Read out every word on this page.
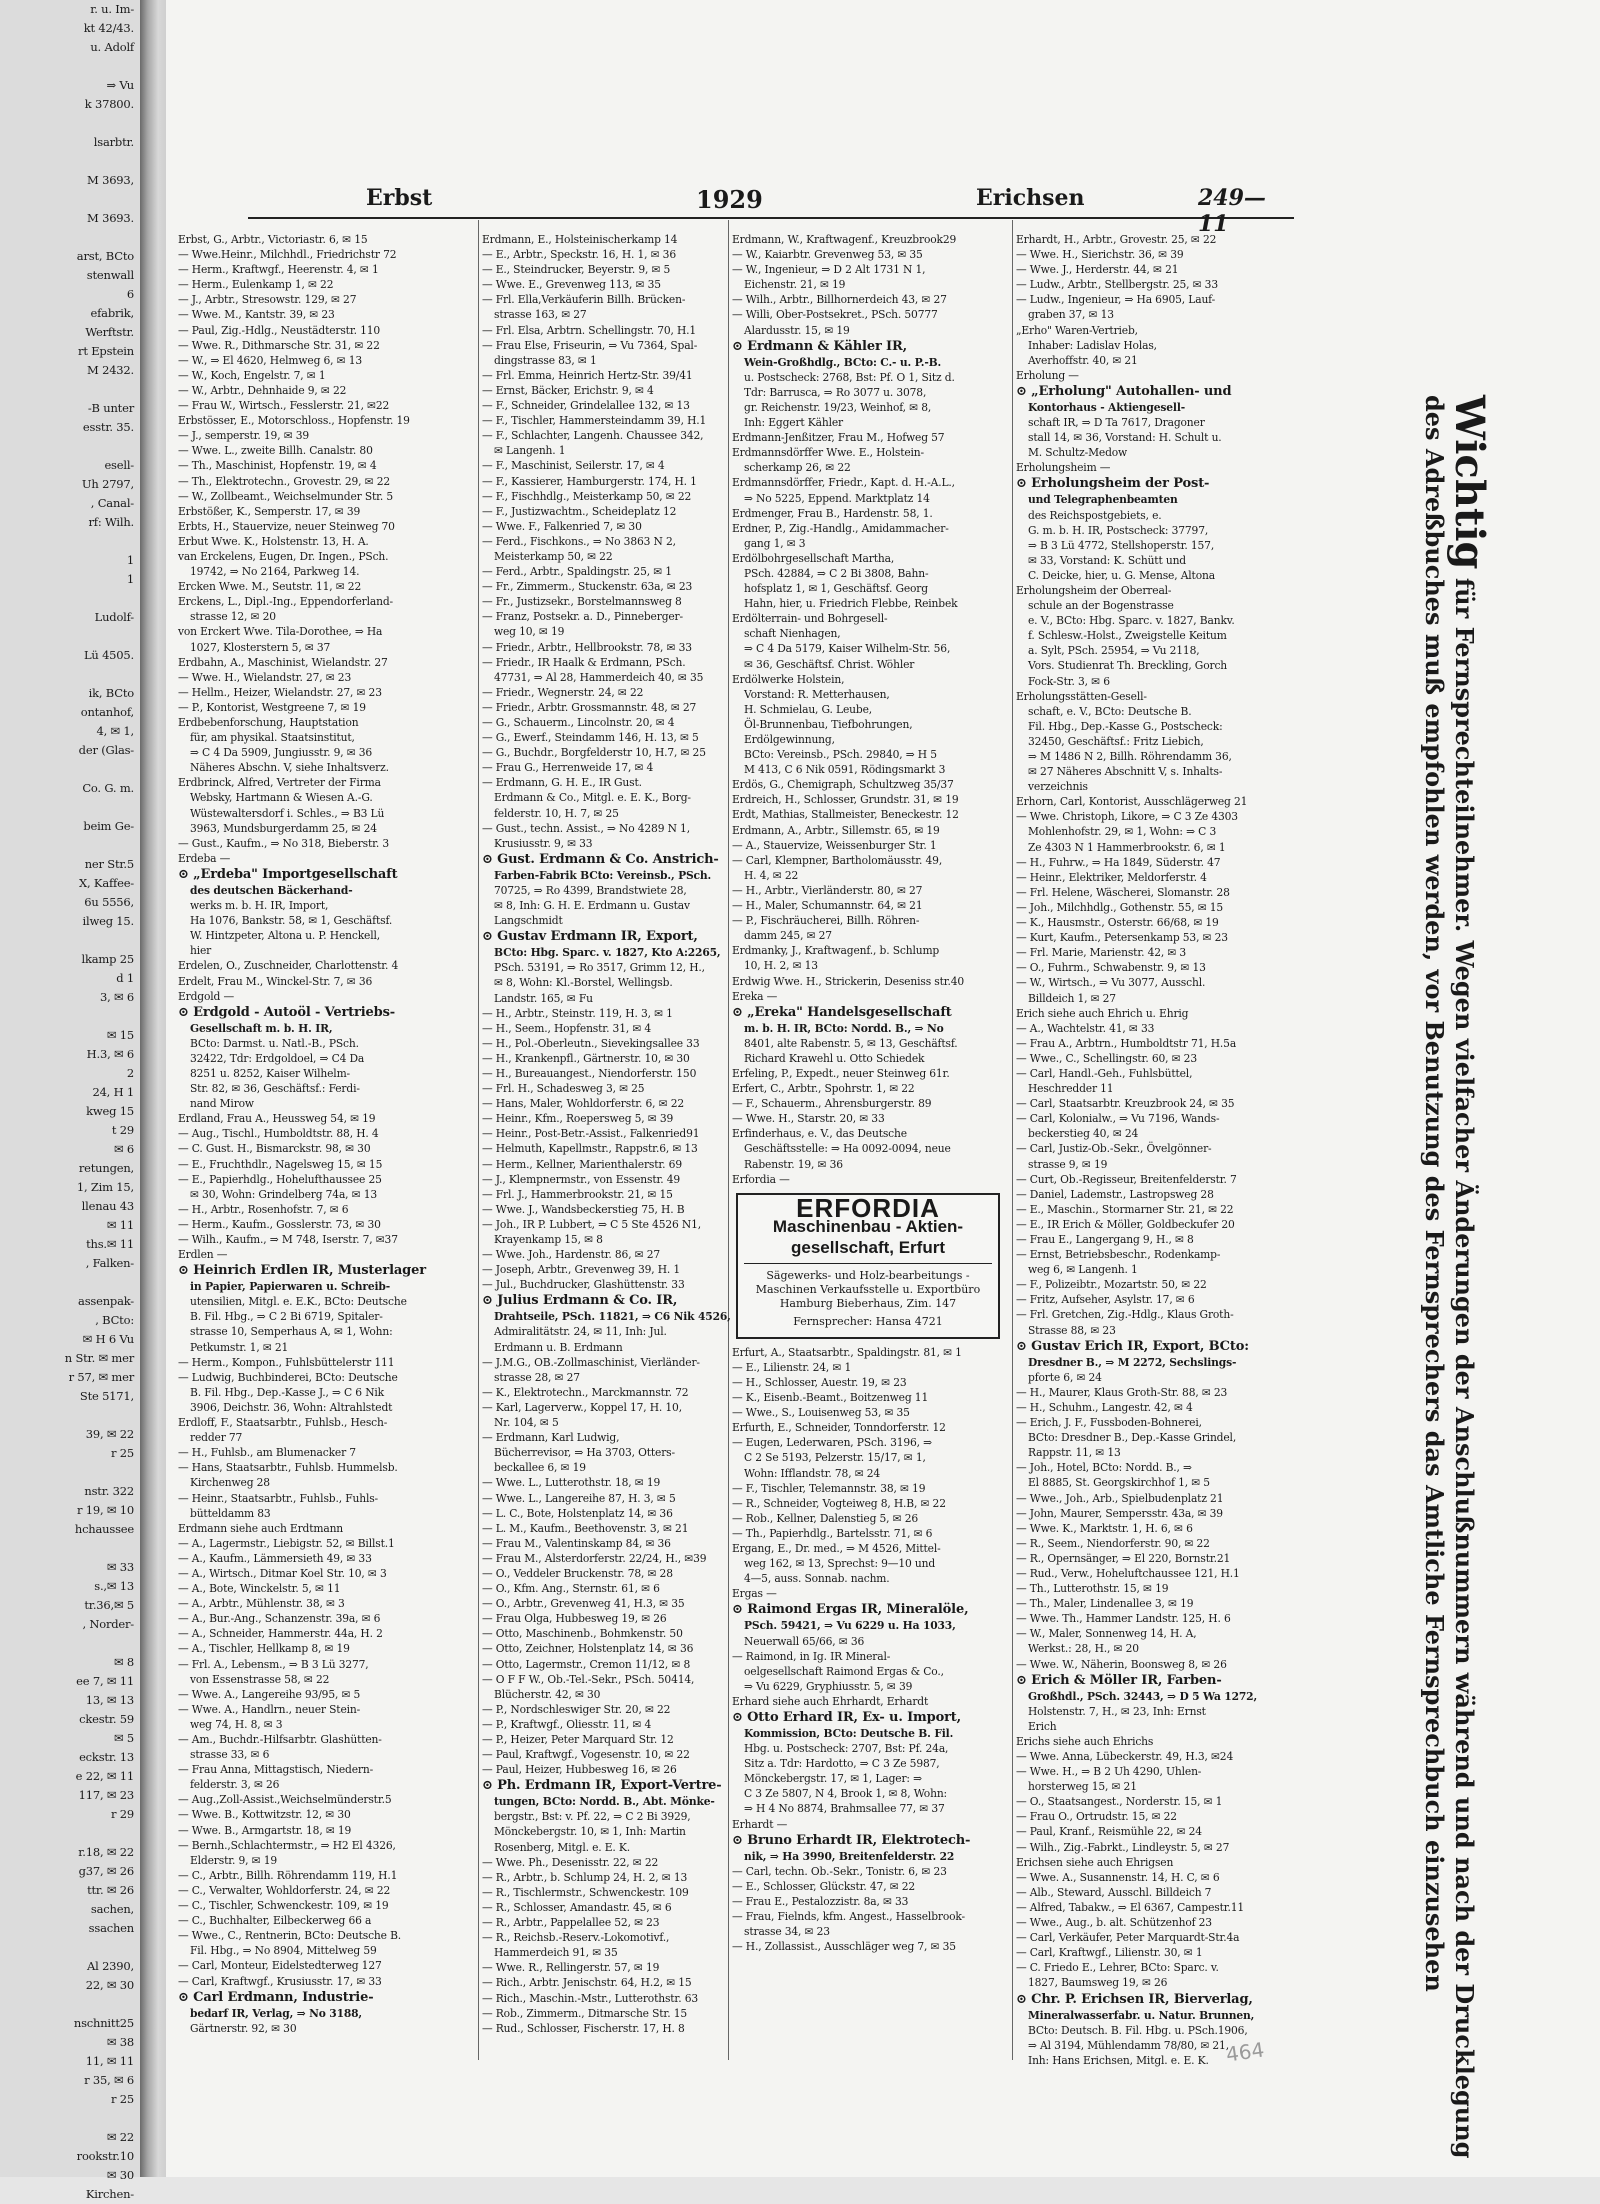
r. u. Im-
kt 42/43.
u. Adolf

⇒ Vu
k 37800.

lsarbtr.

M 3693,

M 3693.

arst, BCto
stenwall
6
efabrik,
Werftstr.
rt Epstein
M 2432.

-B unter
esstr. 35.

esell-
Uh 2797,
, Canal-
rf: Wilh.

1
1

Ludolf-

Lü 4505.

ik, BCto
ontanhof,
4, ✉ 1,
der (Glas-

Co. G. m.

beim Ge-

ner Str.5
X, Kaffee-
6u 5556,
ilweg 15.

lkamp 25
d 1
3, ✉ 6

✉ 15
H.3, ✉ 6
2
24, H 1
kweg 15
t 29
✉ 6
retungen,
1, Zim 15,
llenau 43
✉ 11
ths.✉ 11
, Falken-

assenpak-
, BCto:
✉ H 6 Vu
n Str. ✉ mer
r 57, ✉ mer
Ste 5171,

39, ✉ 22
r 25

nstr. 322
r 19, ✉ 10
hchaussee

✉ 33
s.,✉ 13
tr.36,✉ 5
, Norder-

✉ 8
ee 7, ✉ 11
13, ✉ 13
ckestr. 59
✉ 5
eckstr. 13
e 22, ✉ 11
117, ✉ 23
r 29

r.18, ✉ 22
g37, ✉ 26
ttr. ✉ 26
sachen,
ssachen

Al 2390,
22, ✉ 30

nschnitt25
✉ 38
11, ✉ 11
r 35, ✉ 6
r 25

✉ 22
rookstr.10
✉ 30
Kirchen-
Erbst	1929	Erichsen	249—11
Erbst, G., Arbtr., Victoriastr. 6, ✉ 15
— Wwe.Heinr., Milchhdl., Friedrichstr 72
— Herm., Kraftwgf., Heerenstr. 4, ✉ 1
— Herm., Eulenkamp 1, ✉ 22
— J., Arbtr., Stresowstr. 129, ✉ 27
— Wwe. M., Kantstr. 39, ✉ 23
— Paul, Zig.-Hdlg., Neustädterstr. 110
— Wwe. R., Dithmarsche Str. 31, ✉ 22
— W., ⇒ El 4620, Helmweg 6, ✉ 13
— W., Koch, Engelstr. 7, ✉ 1
— W., Arbtr., Dehnhaide 9, ✉ 22
— Frau W., Wirtsch., Fesslerstr. 21, ✉22
Erbstösser, E., Motorschloss., Hopfenstr. 19
— J., semperstr. 19, ✉ 39
— Wwe. L., zweite Billh. Canalstr. 80
— Th., Maschinist, Hopfenstr. 19, ✉ 4
— Th., Elektrotechn., Grovestr. 29, ✉ 22
— W., Zollbeamt., Weichselmunder Str. 5
Erbstößer, K., Semperstr. 17, ✉ 39
Erbts, H., Stauervize, neuer Steinweg 70
Erbut Wwe. K., Holstenstr. 13, H. A.
van Erckelens, Eugen, Dr. Ingen., PSch.
19742, ⇒ No 2164, Parkweg 14.
Ercken Wwe. M., Seutstr. 11, ✉ 22
Erckens, L., Dipl.-Ing., Eppendorferland-
strasse 12, ✉ 20
von Erckert Wwe. Tila-Dorothee, ⇒ Ha
1027, Klosterstern 5, ✉ 37
Erdbahn, A., Maschinist, Wielandstr. 27
— Wwe. H., Wielandstr. 27, ✉ 23
— Hellm., Heizer, Wielandstr. 27, ✉ 23
— P., Kontorist, Westgreene 7, ✉ 19
Erdbebenforschung, Hauptstation
für, am physikal. Staatsinstitut,
⇒ C 4 Da 5909, Jungiusstr. 9, ✉ 36
Näheres Abschn. V, siehe Inhaltsverz.
Erdbrinck, Alfred, Vertreter der Firma
Websky, Hartmann & Wiesen A.-G.
Wüstewaltersdorf i. Schles., ⇒ B3 Lü
3963, Mundsburgerdamm 25, ✉ 24
— Gust., Kaufm., ⇒ No 318, Bieberstr. 3
Erdeba —
⊙ „Erdeba" Importgesellschaft
des deutschen Bäckerhand-
werks m. b. H. IR, Import,
Ha 1076, Bankstr. 58, ✉ 1, Geschäftsf.
W. Hintzpeter, Altona u. P. Henckell,
hier
Erdelen, O., Zuschneider, Charlottenstr. 4
Erdelt, Frau M., Winckel-Str. 7, ✉ 36
Erdgold —
⊙ Erdgold - Autoöl - Vertriebs-
Gesellschaft m. b. H. IR,
BCto: Darmst. u. Natl.-B., PSch.
32422, Tdr: Erdgoldoel, ⇒ C4 Da
8251 u. 8252, Kaiser Wilhelm-
Str. 82, ✉ 36, Geschäftsf.: Ferdi-
nand Mirow
Erdland, Frau A., Heussweg 54, ✉ 19
— Aug., Tischl., Humboldtstr. 88, H. 4
— C. Gust. H., Bismarckstr. 98, ✉ 30
— E., Fruchthdlr., Nagelsweg 15, ✉ 15
— E., Papierhdlg., Hohelufthaussee 25
✉ 30, Wohn: Grindelberg 74a, ✉ 13
— H., Arbtr., Rosenhofstr. 7, ✉ 6
— Herm., Kaufm., Gosslerstr. 73, ✉ 30
— Wilh., Kaufm., ⇒ M 748, Iserstr. 7, ✉37
Erdlen —
⊙ Heinrich Erdlen IR, Musterlager
in Papier, Papierwaren u. Schreib-
utensilien, Mitgl. e. E.K., BCto: Deutsche
B. Fil. Hbg., ⇒ C 2 Bi 6719, Spitaler-
strasse 10, Semperhaus A, ✉ 1, Wohn:
Petkumstr. 1, ✉ 21
— Herm., Kompon., Fuhlsbüttelerstr 111
— Ludwig, Buchbinderei, BCto: Deutsche
B. Fil. Hbg., Dep.-Kasse J., ⇒ C 6 Nik
3906, Deichstr. 36, Wohn: Altrahlstedt
Erdloff, F., Staatsarbtr., Fuhlsb., Hesch-
redder 77
— H., Fuhlsb., am Blumenacker 7
— Hans, Staatsarbtr., Fuhlsb. Hummelsb.
Kirchenweg 28
— Heinr., Staatsarbtr., Fuhlsb., Fuhls-
bütteldamm 83
Erdmann siehe auch Erdtmann
— A., Lagermstr., Liebigstr. 52, ✉ Billst.1
— A., Kaufm., Lämmersieth 49, ✉ 33
— A., Wirtsch., Ditmar Koel Str. 10, ✉ 3
— A., Bote, Winckelstr. 5, ✉ 11
— A., Arbtr., Mühlenstr. 38, ✉ 3
— A., Bur.-Ang., Schanzenstr. 39a, ✉ 6
— A., Schneider, Hammerstr. 44a, H. 2
— A., Tischler, Hellkamp 8, ✉ 19
— Frl. A., Lebensm., ⇒ B 3 Lü 3277,
von Essenstrasse 58, ✉ 22
— Wwe. A., Langereihe 93/95, ✉ 5
— Wwe. A., Handlrn., neuer Stein-
weg 74, H. 8, ✉ 3
— Am., Buchdr.-Hilfsarbtr. Glashütten-
strasse 33, ✉ 6
— Frau Anna, Mittagstisch, Niedern-
felderstr. 3, ✉ 26
— Aug.,Zoll-Assist.,Weichselmünderstr.5
— Wwe. B., Kottwitzstr. 12, ✉ 30
— Wwe. B., Armgartstr. 18, ✉ 19
— Bernh.,Schlachtermstr., ⇒ H2 El 4326,
Elderstr. 9, ✉ 19
— C., Arbtr., Billh. Röhrendamm 119, H.1
— C., Verwalter, Wohldorferstr. 24, ✉ 22
— C., Tischler, Schwenckestr. 109, ✉ 19
— C., Buchhalter, Eilbeckerweg 66 a
— Wwe., C., Rentnerin, BCto: Deutsche B.
Fil. Hbg., ⇒ No 8904, Mittelweg 59
— Carl, Monteur, Eidelstedterweg 127
— Carl, Kraftwgf., Krusiusstr. 17, ✉ 33
⊙ Carl Erdmann, Industrie-
bedarf IR, Verlag, ⇒ No 3188,
Gärtnerstr. 92, ✉ 30
Erdmann, E., Holsteinischerkamp 14
— E., Arbtr., Speckstr. 16, H. 1, ✉ 36
— E., Steindrucker, Beyerstr. 9, ✉ 5
— Wwe. E., Grevenweg 113, ✉ 35
— Frl. Ella,Verkäuferin Billh. Brücken-
strasse 163, ✉ 27
— Frl. Elsa, Arbtrn. Schellingstr. 70, H.1
— Frau Else, Friseurin, ⇒ Vu 7364, Spal-
dingstrasse 83, ✉ 1
— Frl. Emma, Heinrich Hertz-Str. 39/41
— Ernst, Bäcker, Erichstr. 9, ✉ 4
— F., Schneider, Grindelallee 132, ✉ 13
— F., Tischler, Hammersteindamm 39, H.1
— F., Schlachter, Langenh. Chaussee 342,
✉ Langenh. 1
— F., Maschinist, Seilerstr. 17, ✉ 4
— F., Kassierer, Hamburgerstr. 174, H. 1
— F., Fischhdlg., Meisterkamp 50, ✉ 22
— F., Justizwachtm., Scheideplatz 12
— Wwe. F., Falkenried 7, ✉ 30
— Ferd., Fischkons., ⇒ No 3863 N 2,
Meisterkamp 50, ✉ 22
— Ferd., Arbtr., Spaldingstr. 25, ✉ 1
— Fr., Zimmerm., Stuckenstr. 63a, ✉ 23
— Fr., Justizsekr., Borstelmannsweg 8
— Franz, Postsekr. a. D., Pinneberger-
weg 10, ✉ 19
— Friedr., Arbtr., Hellbrookstr. 78, ✉ 33
— Friedr., IR Haalk & Erdmann, PSch.
47731, ⇒ Al 28, Hammerdeich 40, ✉ 35
— Friedr., Wegnerstr. 24, ✉ 22
— Friedr., Arbtr. Grossmannstr. 48, ✉ 27
— G., Schauerm., Lincolnstr. 20, ✉ 4
— G., Ewerf., Steindamm 146, H. 13, ✉ 5
— G., Buchdr., Borgfelderstr 10, H.7, ✉ 25
— Frau G., Herrenweide 17, ✉ 4
— Erdmann, G. H. E., IR Gust.
Erdmann & Co., Mitgl. e. E. K., Borg-
felderstr. 10, H. 7, ✉ 25
— Gust., techn. Assist., ⇒ No 4289 N 1,
Krusiusstr. 9, ✉ 33
⊙ Gust. Erdmann & Co. Anstrich-
Farben-Fabrik BCto: Vereinsb., PSch.
70725, ⇒ Ro 4399, Brandstwiete 28,
✉ 8, Inh: G. H. E. Erdmann u. Gustav
Langschmidt
⊙ Gustav Erdmann IR, Export,
BCto: Hbg. Sparc. v. 1827, Kto A:2265,
PSch. 53191, ⇒ Ro 3517, Grimm 12, H.,
✉ 8, Wohn: Kl.-Borstel, Wellingsb.
Landstr. 165, ✉ Fu
— H., Arbtr., Steinstr. 119, H. 3, ✉ 1
— H., Seem., Hopfenstr. 31, ✉ 4
— H., Pol.-Oberleutn., Sievekingsallee 33
— H., Krankenpfl., Gärtnerstr. 10, ✉ 30
— H., Bureauangest., Niendorferstr. 150
— Frl. H., Schadesweg 3, ✉ 25
— Hans, Maler, Wohldorferstr. 6, ✉ 22
— Heinr., Kfm., Roepersweg 5, ✉ 39
— Heinr., Post-Betr.-Assist., Falkenried91
— Helmuth, Kapellmstr., Rappstr.6, ✉ 13
— Herm., Kellner, Marienthalerstr. 69
— J., Klempnermstr., von Essenstr. 49
— Frl. J., Hammerbrookstr. 21, ✉ 15
— Wwe. J., Wandsbeckerstieg 75, H. B
— Joh., IR P. Lubbert, ⇒ C 5 Ste 4526 N1,
Krayenkamp 15, ✉ 8
— Wwe. Joh., Hardenstr. 86, ✉ 27
— Joseph, Arbtr., Grevenweg 39, H. 1
— Jul., Buchdrucker, Glashüttenstr. 33
⊙ Julius Erdmann & Co. IR,
Drahtseile, PSch. 11821, ⇒ C6 Nik 4526,
Admiralitätstr. 24, ✉ 11, Inh: Jul.
Erdmann u. B. Erdmann
— J.M.G., OB.-Zollmaschinist, Vierländer-
strasse 28, ✉ 27
— K., Elektrotechn., Marckmannstr. 72
— Karl, Lagerverw., Koppel 17, H. 10,
Nr. 104, ✉ 5
— Erdmann, Karl Ludwig,
Bücherrevisor, ⇒ Ha 3703, Otters-
beckallee 6, ✉ 19
— Wwe. L., Lutterothstr. 18, ✉ 19
— Wwe. L., Langereihe 87, H. 3, ✉ 5
— L. C., Bote, Holstenplatz 14, ✉ 36
— L. M., Kaufm., Beethovenstr. 3, ✉ 21
— Frau M., Valentinskamp 84, ✉ 36
— Frau M., Alsterdorferstr. 22/24, H., ✉39
— O., Veddeler Bruckenstr. 78, ✉ 28
— O., Kfm. Ang., Sternstr. 61, ✉ 6
— O., Arbtr., Grevenweg 41, H.3, ✉ 35
— Frau Olga, Hubbesweg 19, ✉ 26
— Otto, Maschinenb., Bohmkenstr. 50
— Otto, Zeichner, Holstenplatz 14, ✉ 36
— Otto, Lagermstr., Cremon 11/12, ✉ 8
— O F F W., Ob.-Tel.-Sekr., PSch. 50414,
Blücherstr. 42, ✉ 30
— P., Nordschleswiger Str. 20, ✉ 22
— P., Kraftwgf., Oliesstr. 11, ✉ 4
— P., Heizer, Peter Marquard Str. 12
— Paul, Kraftwgf., Vogesenstr. 10, ✉ 22
— Paul, Heizer, Hubbesweg 16, ✉ 26
⊙ Ph. Erdmann IR, Export-Vertre-
tungen, BCto: Nordd. B., Abt. Mönke-
bergstr., Bst: v. Pf. 22, ⇒ C 2 Bi 3929,
Mönckebergstr. 10, ✉ 1, Inh: Martin
Rosenberg, Mitgl. e. E. K.
— Wwe. Ph., Desenisstr. 22, ✉ 22
— R., Arbtr., b. Schlump 24, H. 2, ✉ 13
— R., Tischlermstr., Schwenckestr. 109
— R., Schlosser, Amandastr. 45, ✉ 6
— R., Arbtr., Pappelallee 52, ✉ 23
— R., Reichsb.-Reserv.-Lokomotivf.,
Hammerdeich 91, ✉ 35
— Wwe. R., Rellingerstr. 57, ✉ 19
— Rich., Arbtr. Jenischstr. 64, H.2, ✉ 15
— Rich., Maschin.-Mstr., Lutterothstr. 63
— Rob., Zimmerm., Ditmarsche Str. 15
— Rud., Schlosser, Fischerstr. 17, H. 8
Erdmann, W., Kraftwagenf., Kreuzbrook29
— W., Kaiarbtr. Grevenweg 53, ✉ 35
— W., Ingenieur, ⇒ D 2 Alt 1731 N 1,
Eichenstr. 21, ✉ 19
— Wilh., Arbtr., Billhornerdeich 43, ✉ 27
— Willi, Ober-Postsekret., PSch. 50777
Alardusstr. 15, ✉ 19
⊙ Erdmann & Kähler IR,
Wein-Großhdlg., BCto: C.- u. P.-B.
u. Postscheck: 2768, Bst: Pf. O 1, Sitz d.
Tdr: Barrusca, ⇒ Ro 3077 u. 3078,
gr. Reichenstr. 19/23, Weinhof, ✉ 8,
Inh: Eggert Kähler
Erdmann-Jenßitzer, Frau M., Hofweg 57
Erdmannsdörffer Wwe. E., Holstein-
scherkamp 26, ✉ 22
Erdmannsdörffer, Friedr., Kapt. d. H.-A.L.,
⇒ No 5225, Eppend. Marktplatz 14
Erdmenger, Frau B., Hardenstr. 58, 1.
Erdner, P., Zig.-Handlg., Amidammacher-
gang 1, ✉ 3
Erdölbohrgesellschaft Martha,
PSch. 42884, ⇒ C 2 Bi 3808, Bahn-
hofsplatz 1, ✉ 1, Geschäftsf. Georg
Hahn, hier, u. Friedrich Flebbe, Reinbek
Erdölterrain- und Bohrgesell-
schaft Nienhagen,
⇒ C 4 Da 5179, Kaiser Wilhelm-Str. 56,
✉ 36, Geschäftsf. Christ. Wöhler
Erdölwerke Holstein,
Vorstand: R. Metterhausen,
H. Schmielau, G. Leube,
Öl-Brunnenbau, Tiefbohrungen,
Erdölgewinnung,
BCto: Vereinsb., PSch. 29840, ⇒ H 5
M 413, C 6 Nik 0591, Rödingsmarkt 3
Erdös, G., Chemigraph, Schultzweg 35/37
Erdreich, H., Schlosser, Grundstr. 31, ✉ 19
Erdt, Mathias, Stallmeister, Beneckestr. 12
Erdmann, A., Arbtr., Sillemstr. 65, ✉ 19
— A., Stauervize, Weissenburger Str. 1
— Carl, Klempner, Bartholomäusstr. 49,
H. 4, ✉ 22
— H., Arbtr., Vierländerstr. 80, ✉ 27
— H., Maler, Schumannstr. 64, ✉ 21
— P., Fischräucherei, Billh. Röhren-
damm 245, ✉ 27
Erdmanky, J., Kraftwagenf., b. Schlump
10, H. 2, ✉ 13
Erdwig Wwe. H., Strickerin, Deseniss str.40
Ereka —
⊙ „Ereka" Handelsgesellschaft
m. b. H. IR, BCto: Nordd. B., ⇒ No
8401, alte Rabenstr. 5, ✉ 13, Geschäftsf.
Richard Krawehl u. Otto Schiedek
Erfeling, P., Expedt., neuer Steinweg 61r.
Erfert, C., Arbtr., Spohrstr. 1, ✉ 22
— F., Schauerm., Ahrensburgerstr. 89
— Wwe. H., Starstr. 20, ✉ 33
Erfinderhaus, e. V., das Deutsche
Geschäftsstelle: ⇒ Ha 0092-0094, neue
Rabenstr. 19, ✉ 36
Erfordia —
ERFORDIA
Maschinenbau - Aktien-gesellschaft, Erfurt
Sägewerks- und Holz-bearbeitungs - Maschinen Verkaufsstelle u. Exportbüro Hamburg Bieberhaus, Zim. 147
Fernsprecher: Hansa 4721
Erfurt, A., Staatsarbtr., Spaldingstr. 81, ✉ 1
— E., Lilienstr. 24, ✉ 1
— H., Schlosser, Auestr. 19, ✉ 23
— K., Eisenb.-Beamt., Boitzenweg 11
— Wwe., S., Louisenweg 53, ✉ 35
Erfurth, E., Schneider, Tonndorferstr. 12
— Eugen, Lederwaren, PSch. 3196, ⇒
C 2 Se 5193, Pelzerstr. 15/17, ✉ 1,
Wohn: Ifflandstr. 78, ✉ 24
— F., Tischler, Telemannstr. 38, ✉ 19
— R., Schneider, Vogteiweg 8, H.B, ✉ 22
— Rob., Kellner, Dalenstieg 5, ✉ 26
— Th., Papierhdlg., Bartelsstr. 71, ✉ 6
Ergang, E., Dr. med., ⇒ M 4526, Mittel-
weg 162, ✉ 13, Sprechst: 9—10 und
4—5, auss. Sonnab. nachm.
Ergas —
⊙ Raimond Ergas IR, Mineralöle,
PSch. 59421, ⇒ Vu 6229 u. Ha 1033,
Neuerwall 65/66, ✉ 36
— Raimond, in Ig. IR Mineral-
oelgesellschaft Raimond Ergas & Co.,
⇒ Vu 6229, Gryphiusstr. 5, ✉ 39
Erhard siehe auch Ehrhardt, Erhardt
⊙ Otto Erhard IR, Ex- u. Import,
Kommission, BCto: Deutsche B. Fil.
Hbg. u. Postscheck: 2707, Bst: Pf. 24a,
Sitz a. Tdr: Hardotto, ⇒ C 3 Ze 5987,
Mönckebergstr. 17, ✉ 1, Lager: ⇒
C 3 Ze 5807, N 4, Brook 1, ✉ 8, Wohn:
⇒ H 4 No 8874, Brahmsallee 77, ✉ 37
Erhardt —
⊙ Bruno Erhardt IR, Elektrotech-
nik, ⇒ Ha 3990, Breitenfelderstr. 22
— Carl, techn. Ob.-Sekr., Tonistr. 6, ✉ 23
— E., Schlosser, Glückstr. 47, ✉ 22
— Frau E., Pestalozzistr. 8a, ✉ 33
— Frau, Fielnds, kfm. Angest., Hasselbrook-
strasse 34, ✉ 23
— H., Zollassist., Ausschläger weg 7, ✉ 35
Erhardt, H., Arbtr., Grovestr. 25, ✉ 22
— Wwe. H., Sierichstr. 36, ✉ 39
— Wwe. J., Herderstr. 44, ✉ 21
— Ludw., Arbtr., Stellbergstr. 25, ✉ 33
— Ludw., Ingenieur, ⇒ Ha 6905, Lauf-
graben 37, ✉ 13
„Erho" Waren-Vertrieb,
Inhaber: Ladislav Holas,
Averhoffstr. 40, ✉ 21
Erholung —
⊙ „Erholung" Autohallen- und
Kontorhaus - Aktiengesell-
schaft IR, ⇒ D Ta 7617, Dragoner
stall 14, ✉ 36, Vorstand: H. Schult u.
M. Schultz-Medow
Erholungsheim —
⊙ Erholungsheim der Post-
und Telegraphenbeamten
des Reichspostgebiets, e.
G. m. b. H. IR, Postscheck: 37797,
⇒ B 3 Lü 4772, Stellshoperstr. 157,
✉ 33, Vorstand: K. Schütt und
C. Deicke, hier, u. G. Mense, Altona
Erholungsheim der Oberreal-
schule an der Bogenstrasse
e. V., BCto: Hbg. Sparc. v. 1827, Bankv.
f. Schlesw.-Holst., Zweigstelle Keitum
a. Sylt, PSch. 25954, ⇒ Vu 2118,
Vors. Studienrat Th. Breckling, Gorch
Fock-Str. 3, ✉ 6
Erholungsstätten-Gesell-
schaft, e. V., BCto: Deutsche B.
Fil. Hbg., Dep.-Kasse G., Postscheck:
32450, Geschäftsf.: Fritz Liebich,
⇒ M 1486 N 2, Billh. Röhrendamm 36,
✉ 27 Näheres Abschnitt V, s. Inhalts-
verzeichnis
Erhorn, Carl, Kontorist, Ausschlägerweg 21
— Wwe. Christoph, Likore, ⇒ C 3 Ze 4303
Mohlenhofstr. 29, ✉ 1, Wohn: ⇒ C 3
Ze 4303 N 1 Hammerbrookstr. 6, ✉ 1
— H., Fuhrw., ⇒ Ha 1849, Süderstr. 47
— Heinr., Elektriker, Meldorferstr. 4
— Frl. Helene, Wäscherei, Slomanstr. 28
— Joh., Milchhdlg., Gothenstr. 55, ✉ 15
— K., Hausmstr., Osterstr. 66/68, ✉ 19
— Kurt, Kaufm., Petersenkamp 53, ✉ 23
— Frl. Marie, Marienstr. 42, ✉ 3
— O., Fuhrm., Schwabenstr. 9, ✉ 13
— W., Wirtsch., ⇒ Vu 3077, Ausschl.
Billdeich 1, ✉ 27
Erich siehe auch Ehrich u. Ehrig
— A., Wachtelstr. 41, ✉ 33
— Frau A., Arbtrn., Humboldtstr 71, H.5a
— Wwe., C., Schellingstr. 60, ✉ 23
— Carl, Handl.-Geh., Fuhlsbüttel,
Heschredder 11
— Carl, Staatsarbtr. Kreuzbrook 24, ✉ 35
— Carl, Kolonialw., ⇒ Vu 7196, Wands-
beckerstieg 40, ✉ 24
— Carl, Justiz-Ob.-Sekr., Övelgönner-
strasse 9, ✉ 19
— Curt, Ob.-Regisseur, Breitenfelderstr. 7
— Daniel, Lademstr., Lastropsweg 28
— E., Maschin., Stormarner Str. 21, ✉ 22
— E., IR Erich & Möller, Goldbeckufer 20
— Frau E., Langergang 9, H., ✉ 8
— Ernst, Betriebsbeschr., Rodenkamp-
weg 6, ✉ Langenh. 1
— F., Polizeibtr., Mozartstr. 50, ✉ 22
— Fritz, Aufseher, Asylstr. 17, ✉ 6
— Frl. Gretchen, Zig.-Hdlg., Klaus Groth-
Strasse 88, ✉ 23
⊙ Gustav Erich IR, Export, BCto:
Dresdner B., ⇒ M 2272, Sechslings-
pforte 6, ✉ 24
— H., Maurer, Klaus Groth-Str. 88, ✉ 23
— H., Schuhm., Langestr. 42, ✉ 4
— Erich, J. F., Fussboden-Bohnerei,
BCto: Dresdner B., Dep.-Kasse Grindel,
Rappstr. 11, ✉ 13
— Joh., Hotel, BCto: Nordd. B., ⇒
El 8885, St. Georgskirchhof 1, ✉ 5
— Wwe., Joh., Arb., Spielbudenplatz 21
— John, Maurer, Sempersstr. 43a, ✉ 39
— Wwe. K., Marktstr. 1, H. 6, ✉ 6
— R., Seem., Niendorferstr. 90, ✉ 22
— R., Opernsänger, ⇒ El 220, Bornstr.21
— Rud., Verw., Hoheluftchaussee 121, H.1
— Th., Lutterothstr. 15, ✉ 19
— Th., Maler, Lindenallee 3, ✉ 19
— Wwe. Th., Hammer Landstr. 125, H. 6
— W., Maler, Sonnenweg 14, H. A,
Werkst.: 28, H., ✉ 20
— Wwe. W., Näherin, Boonsweg 8, ✉ 26
⊙ Erich & Möller IR, Farben-
Großhdl., PSch. 32443, ⇒ D 5 Wa 1272,
Holstenstr. 7, H., ✉ 23, Inh: Ernst
Erich
Erichs siehe auch Ehrichs
— Wwe. Anna, Lübeckerstr. 49, H.3, ✉24
— Wwe. H., ⇒ B 2 Uh 4290, Uhlen-
horsterweg 15, ✉ 21
— O., Staatsangest., Norderstr. 15, ✉ 1
— Frau O., Ortrudstr. 15, ✉ 22
— Paul, Kranf., Reismühle 22, ✉ 24
— Wilh., Zig.-Fabrkt., Lindleystr. 5, ✉ 27
Erichsen siehe auch Ehrigsen
— Wwe. A., Susannenstr. 14, H. C, ✉ 6
— Alb., Steward, Ausschl. Billdeich 7
— Alfred, Tabakw., ⇒ El 6367, Campestr.11
— Wwe., Aug., b. alt. Schützenhof 23
— Carl, Verkäufer, Peter Marquardt-Str.4a
— Carl, Kraftwgf., Lilienstr. 30, ✉ 1
— C. Friedo E., Lehrer, BCto: Sparc. v.
1827, Baumsweg 19, ✉ 26
⊙ Chr. P. Erichsen IR, Bierverlag,
Mineralwasserfabr. u. Natur. Brunnen,
BCto: Deutsch. B. Fil. Hbg. u. PSch.1906,
⇒ Al 3194, Mühlendamm 78/80, ✉ 21,
Inh: Hans Erichsen, Mitgl. e. E. K.
Wichtig für Fernsprechteilnehmer. Wegen vielfacher Änderungen der Anschlußnummern während und nach der Drucklegung
des Adreßbuches muß empfohlen werden, vor Benutzung des Fernsprechers das Amtliche Fernsprechbuch einzusehen
464
